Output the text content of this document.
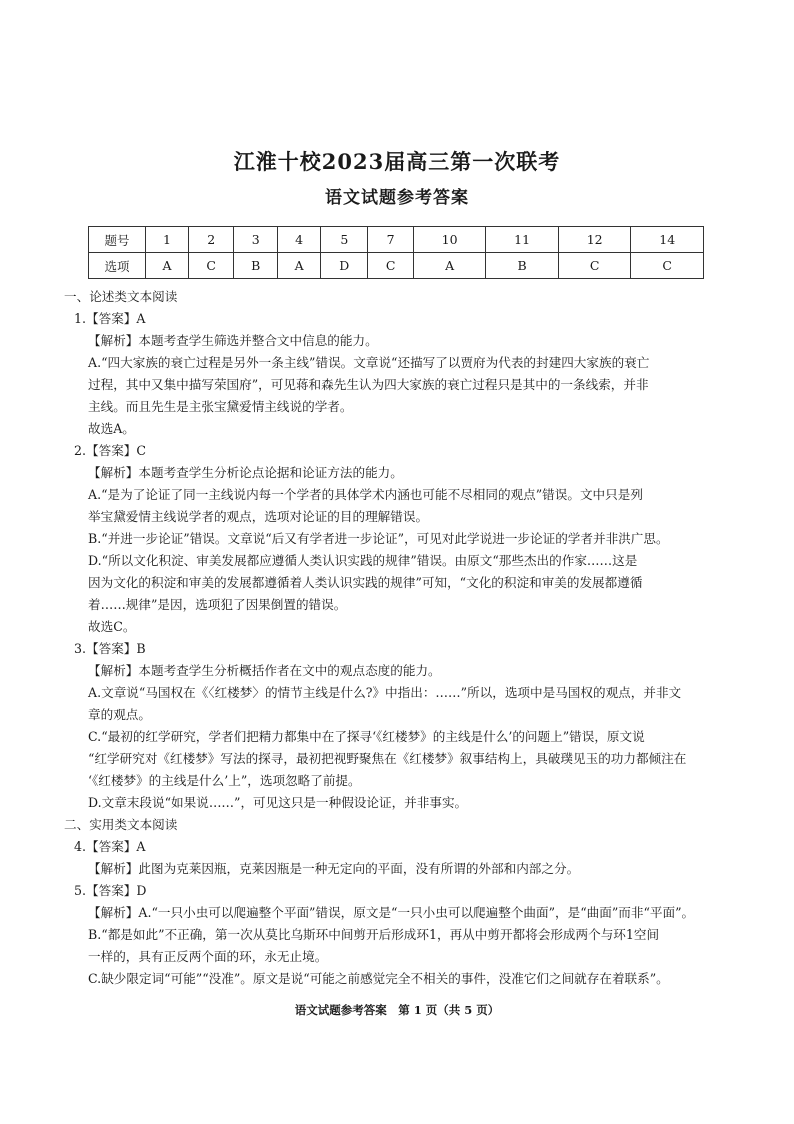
江淮十校2023届高三第一次联考
语文试题参考答案
题号	1	2	3	4	5	7	10	11	12	14
选项	A	C	B	A	D	C	A	B	C	C
一、论述类文本阅读
1.【答案】A
【解析】本题考查学生筛选并整合文中信息的能力。
A.“四大家族的衰亡过程是另外一条主线”错误。文章说“还描写了以贾府为代表的封建四大家族的衰亡
过程，其中又集中描写荣国府”，可见蒋和森先生认为四大家族的衰亡过程只是其中的一条线索，并非
主线。而且先生是主张宝黛爱情主线说的学者。
故选A。
2.【答案】C
【解析】本题考查学生分析论点论据和论证方法的能力。
A.“是为了论证了同一主线说内每一个学者的具体学术内涵也可能不尽相同的观点”错误。文中只是列
举宝黛爱情主线说学者的观点，选项对论证的目的理解错误。
B.“并进一步论证”错误。文章说“后又有学者进一步论证”，可见对此学说进一步论证的学者并非洪广思。
D.“所以文化积淀、审美发展都应遵循人类认识实践的规律”错误。由原文“那些杰出的作家……这是
因为文化的积淀和审美的发展都遵循着人类认识实践的规律”可知，“文化的积淀和审美的发展都遵循
着……规律”是因，选项犯了因果倒置的错误。
故选C。
3.【答案】B
【解析】本题考查学生分析概括作者在文中的观点态度的能力。
A.文章说“马国权在《〈红楼梦〉的情节主线是什么?》中指出：……”所以，选项中是马国权的观点，并非文
章的观点。
C.“最初的红学研究，学者们把精力都集中在了探寻‘《红楼梦》的主线是什么’的问题上”错误，原文说
“红学研究对《红楼梦》写法的探寻，最初把视野聚焦在《红楼梦》叙事结构上，具破璞见玉的功力都倾注在
‘《红楼梦》的主线是什么’上”，选项忽略了前提。
D.文章末段说“如果说……”，可见这只是一种假设论证，并非事实。
二、实用类文本阅读
4.【答案】A
【解析】此图为克莱因瓶，克莱因瓶是一种无定向的平面，没有所谓的外部和内部之分。
5.【答案】D
【解析】A.“一只小虫可以爬遍整个平面”错误，原文是“一只小虫可以爬遍整个曲面”，是“曲面”而非“平面”。
B.“都是如此”不正确，第一次从莫比乌斯环中间剪开后形成环1，再从中剪开都将会形成两个与环1空间
一样的，具有正反两个面的环，永无止境。
C.缺少限定词“可能”“没准”。原文是说“可能之前感觉完全不相关的事件，没准它们之间就存在着联系”。
语文试题参考答案　第 1 页（共 5 页）
